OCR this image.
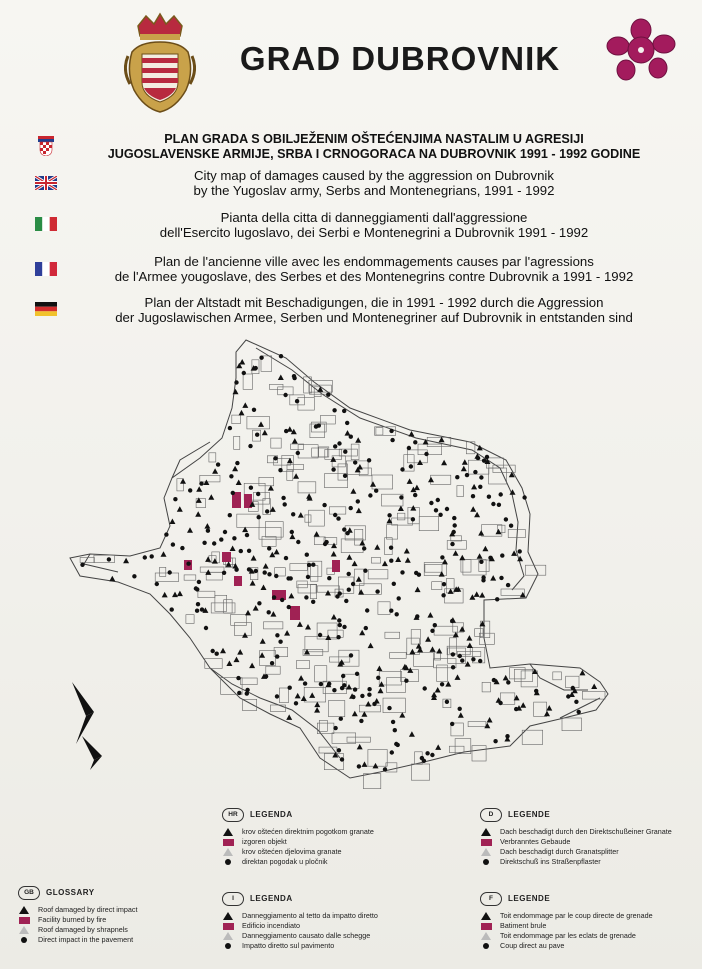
GRAD DUBROVNIK
PLAN GRADA S OBILJEŽENIM OŠTEĆENJIMA NASTALIM U AGRESIJI
JUGOSLAVENSKE ARMIJE, SRBA I CRNOGORACA NA DUBROVNIK 1991 - 1992 GODINE
City map of damages caused by the aggression on Dubrovnik
by the Yugoslav army, Serbs and Montenegrians, 1991 - 1992
Pianta della citta di danneggiamenti dall'aggressione
dell'Esercito lugoslavo, dei Serbi e Montenegrini a Dubrovnik 1991 - 1992
Plan de l'ancienne ville avec les endommagements causes par l'agressions
de l'Armee yougoslave, des Serbes et des Montenegrins contre Dubrovnik a 1991 - 1992
Plan der Altstadt mit Beschadigungen, die in 1991 - 1992 durch die Aggression
der Jugoslawischen Armee, Serben und Montenegriner auf Dubrovnik in entstanden sind
HR	LEGENDA
krov oštećen direktnim pogotkom granate
izgoren objekt
krov oštećen djelovima granate
direktan pogodak u pločnik
D	LEGENDE
Dach beschadigt durch den Direktschußeiner Granate
Verbranntes Gebaude
Dach beschadigt durch Granatsplitter
Direktschuß ins Straßenpflaster
GB	GLOSSARY
Roof damaged by direct impact
Facility burned by fire
Roof damaged by shrapnels
Direct impact in the pavement
I	LEGENDA
Danneggiamento al tetto da impatto diretto
Edificio incendiato
Danneggiamento causato dalle schegge
Impatto diretto sul pavimento
F	LEGENDE
Toit endommage par le coup directe de grenade
Batiment brule
Toit endommage par les eclats de grenade
Coup direct au pave
